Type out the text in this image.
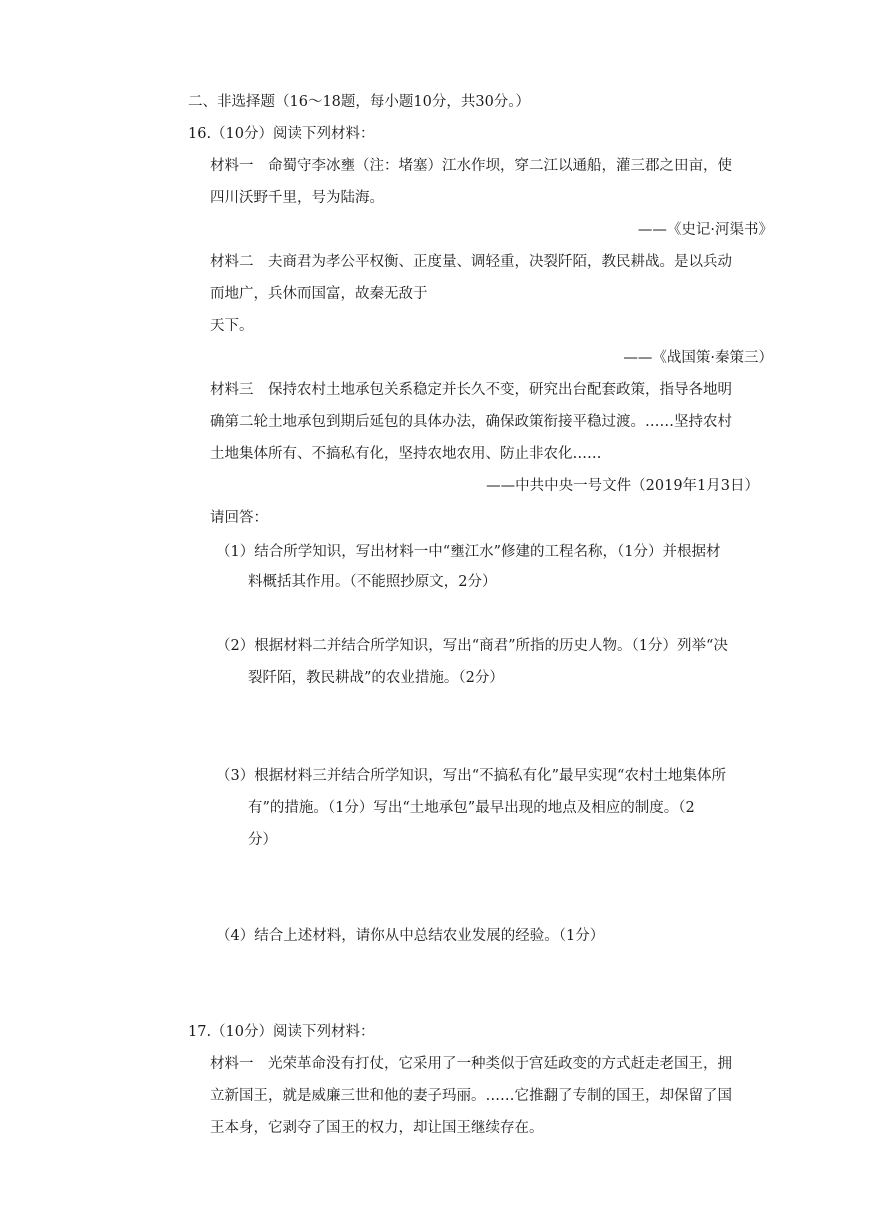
二、非选择题（16～18题，每小题10分，共30分。）
16.（10分）阅读下列材料：
材料一　命蜀守李冰壅（注：堵塞）江水作坝，穿二江以通船，灌三郡之田亩，使
四川沃野千里，号为陆海。
——《史记·河渠书》
材料二　夫商君为孝公平权衡、正度量、调轻重，决裂阡陌，教民耕战。是以兵动
而地广，兵休而国富，故秦无敌于
天下。
——《战国策·秦策三）
材料三　保持农村土地承包关系稳定并长久不变，研究出台配套政策，指导各地明
确第二轮土地承包到期后延包的具体办法，确保政策衔接平稳过渡。……坚持农村
土地集体所有、不搞私有化，坚持农地农用、防止非农化……
——中共中央一号文件（2019年1月3日）
请回答：
（1）结合所学知识，写出材料一中“壅江水”修建的工程名称，（1分）并根据材
料概括其作用。（不能照抄原文，2分）
（2）根据材料二并结合所学知识，写出“商君”所指的历史人物。（1分）列举“决
裂阡陌，教民耕战”的农业措施。（2分）
（3）根据材料三并结合所学知识，写出“不搞私有化”最早实现“农村土地集体所
有”的措施。（1分）写出“土地承包”最早出现的地点及相应的制度。（2
分）
（4）结合上述材料，请你从中总结农业发展的经验。（1分）
17.（10分）阅读下列材料：
材料一　光荣革命没有打仗，它采用了一种类似于宫廷政变的方式赶走老国王，拥
立新国王，就是威廉三世和他的妻子玛丽。……它推翻了专制的国王，却保留了国
王本身，它剥夺了国王的权力，却让国王继续存在。
